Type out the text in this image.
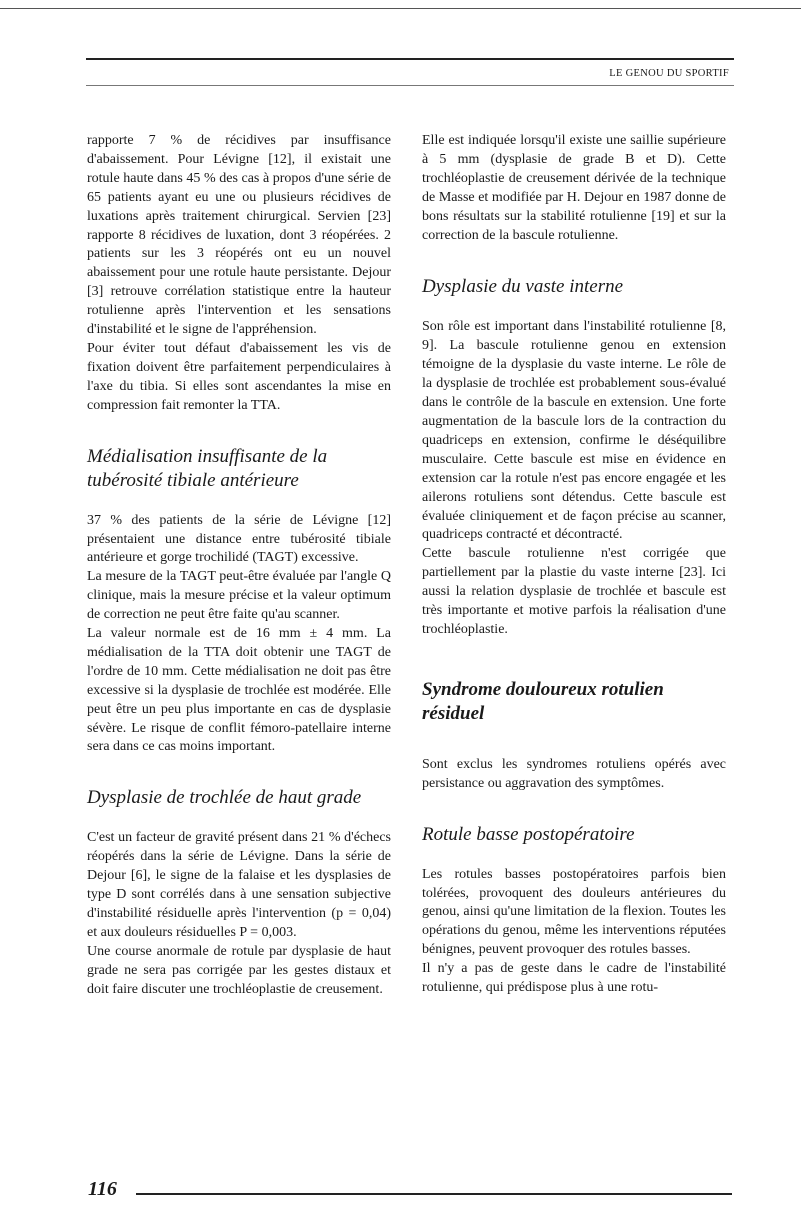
LE GENOU DU SPORTIF

rapporte 7 % de récidives par insuffisance d'abaissement. Pour Lévigne [12], il existait une rotule haute dans 45 % des cas à propos d'une série de 65 patients ayant eu une ou plusieurs récidives de luxations après traitement chirurgical. Servien [23] rapporte 8 récidives de luxation, dont 3 réopérées. 2 patients sur les 3 réopérés ont eu un nouvel abaissement pour une rotule haute persistante. Dejour [3] retrouve corrélation statistique entre la hauteur rotulienne après l'intervention et les sensations d'instabilité et le signe de l'appréhension.

Pour éviter tout défaut d'abaissement les vis de fixation doivent être parfaitement perpendiculaires à l'axe du tibia. Si elles sont ascendantes la mise en compression fait remonter la TTA.

Médialisation insuffisante de la tubérosité tibiale antérieure

37 % des patients de la série de Lévigne [12] présentaient une distance entre tubérosité tibiale antérieure et gorge trochilidé (TAGT) excessive.

La mesure de la TAGT peut-être évaluée par l'angle Q clinique, mais la mesure précise et la valeur optimum de correction ne peut être faite qu'au scanner.

La valeur normale est de 16 mm ± 4 mm. La médialisation de la TTA doit obtenir une TAGT de l'ordre de 10 mm. Cette médialisation ne doit pas être excessive si la dysplasie de trochlée est modérée. Elle peut être un peu plus importante en cas de dysplasie sévère. Le risque de conflit fémoro-patellaire interne sera dans ce cas moins important.

Dysplasie de trochlée de haut grade

C'est un facteur de gravité présent dans 21 % d'échecs réopérés dans la série de Lévigne. Dans la série de Dejour [6], le signe de la falaise et les dysplasies de type D sont corrélés dans à une sensation subjective d'instabilité résiduelle après l'intervention (p = 0,04) et aux douleurs résiduelles P = 0,003.

Une course anormale de rotule par dysplasie de haut grade ne sera pas corrigée par les gestes distaux et doit faire discuter une trochléoplastie de creusement.

Elle est indiquée lorsqu'il existe une saillie supérieure à 5 mm (dysplasie de grade B et D). Cette trochléoplastie de creusement dérivée de la technique de Masse et modifiée par H. Dejour en 1987 donne de bons résultats sur la stabilité rotulienne [19] et sur la correction de la bascule rotulienne.

Dysplasie du vaste interne

Son rôle est important dans l'instabilité rotulienne [8, 9]. La bascule rotulienne genou en extension témoigne de la dysplasie du vaste interne. Le rôle de la dysplasie de trochlée est probablement sous-évalué dans le contrôle de la bascule en extension. Une forte augmentation de la bascule lors de la contraction du quadriceps en extension, confirme le déséquilibre musculaire. Cette bascule est mise en évidence en extension car la rotule n'est pas encore engagée et les ailerons rotuliens sont détendus. Cette bascule est évaluée cliniquement et de façon précise au scanner, quadriceps contracté et décontracté.

Cette bascule rotulienne n'est corrigée que partiellement par la plastie du vaste interne [23]. Ici aussi la relation dysplasie de trochlée et bascule est très importante et motive parfois la réalisation d'une trochléoplastie.

Syndrome douloureux rotulien résiduel

Sont exclus les syndromes rotuliens opérés avec persistance ou aggravation des symptômes.

Rotule basse postopératoire

Les rotules basses postopératoires parfois bien tolérées, provoquent des douleurs antérieures du genou, ainsi qu'une limitation de la flexion. Toutes les opérations du genou, même les interventions réputées bénignes, peuvent provoquer des rotules basses.

Il n'y a pas de geste dans le cadre de l'instabilité rotulienne, qui prédispose plus à une rotu-

116
